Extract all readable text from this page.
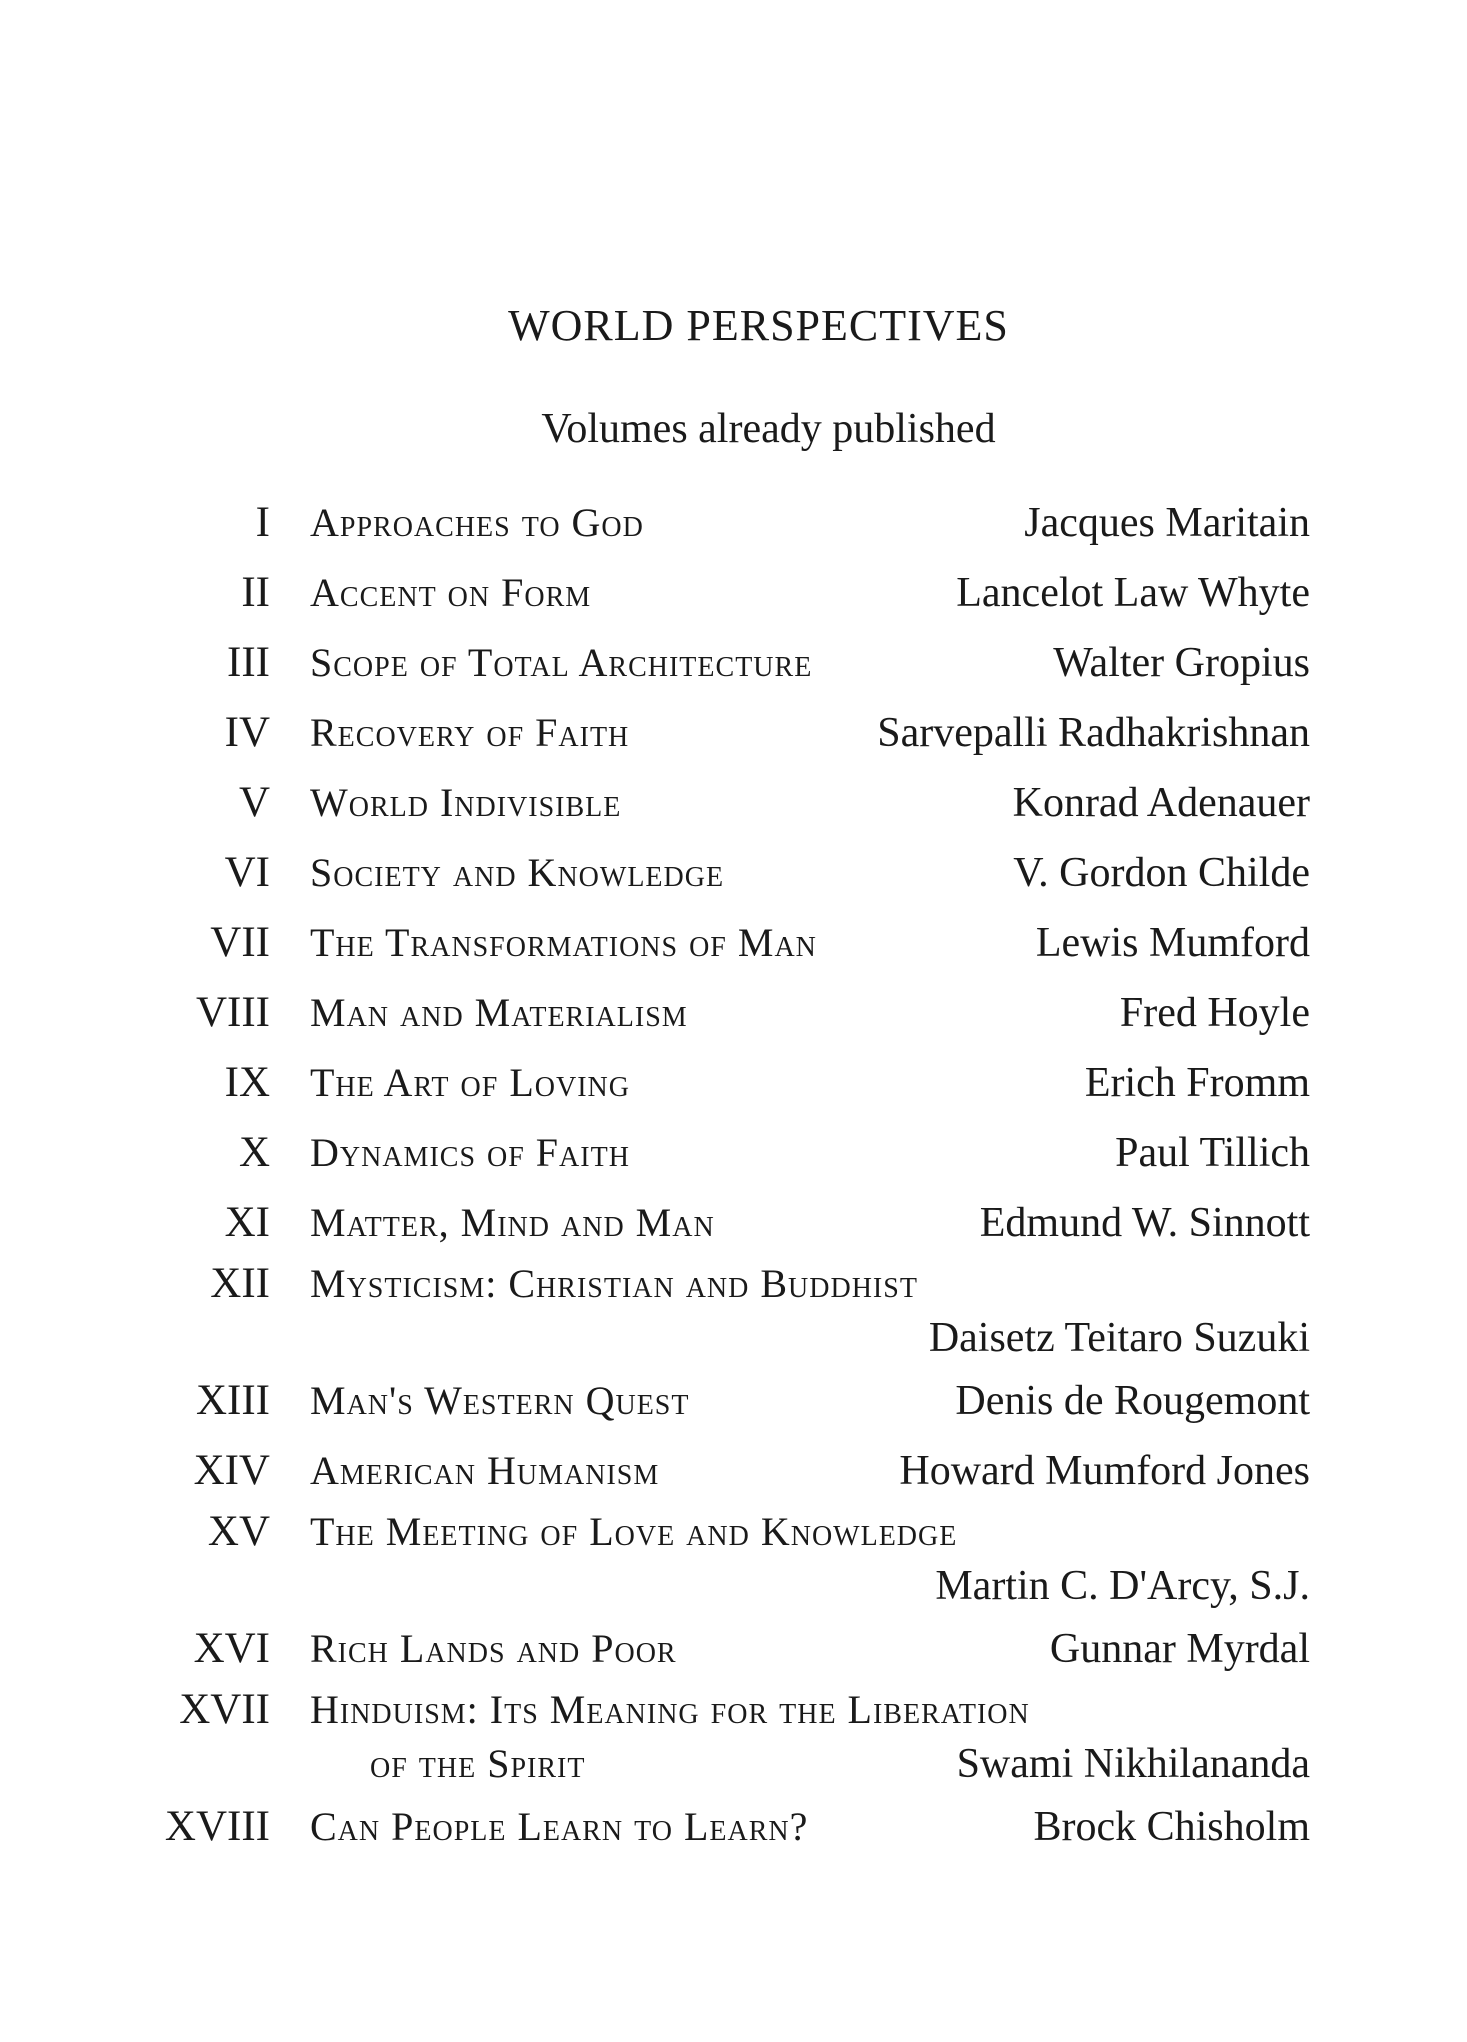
WORLD PERSPECTIVES
Volumes already published
I Approaches to God	Jacques Maritain
II Accent on Form	Lancelot Law Whyte
III Scope of Total Architecture	Walter Gropius
IV Recovery of Faith	Sarvepalli Radhakrishnan
V World Indivisible	Konrad Adenauer
VI Society and Knowledge	V. Gordon Childe
VII The Transformations of Man	Lewis Mumford
VIII Man and Materialism	Fred Hoyle
IX The Art of Loving	Erich Fromm
X Dynamics of Faith	Paul Tillich
XI Matter, Mind and Man	Edmund W. Sinnott
XII Mysticism: Christian and Buddhist
Daisetz Teitaro Suzuki
XIII Man's Western Quest	Denis de Rougemont
XIV American Humanism	Howard Mumford Jones
XV The Meeting of Love and Knowledge
Martin C. D'Arcy, S.J.
XVI Rich Lands and Poor	Gunnar Myrdal
XVII Hinduism: Its Meaning for the Liberation
of the Spirit	Swami Nikhilananda
XVIII Can People Learn to Learn?	Brock Chisholm
